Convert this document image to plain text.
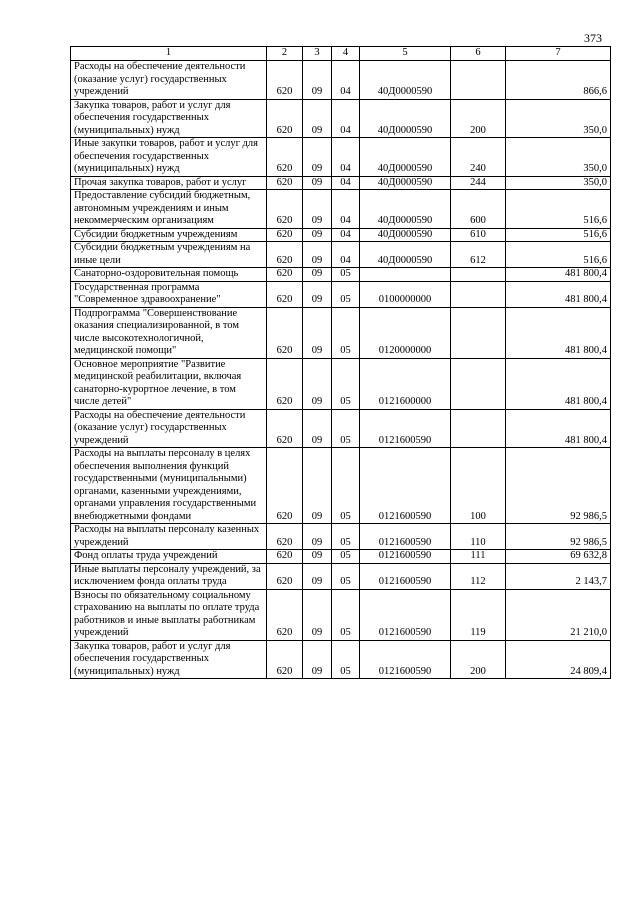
373
1	2	3	4	5	6	7
Расходы на обеспечение деятельности (оказание услуг) государственных учреждений	620	09	04	40Д0000590		866,6
Закупка товаров, работ и услуг для обеспечения государственных (муниципальных) нужд	620	09	04	40Д0000590	200	350,0
Иные закупки товаров, работ и услуг для обеспечения государственных (муниципальных) нужд	620	09	04	40Д0000590	240	350,0
Прочая закупка товаров, работ и услуг	620	09	04	40Д0000590	244	350,0
Предоставление субсидий бюджетным, автономным учреждениям и иным некоммерческим организациям	620	09	04	40Д0000590	600	516,6
Субсидии бюджетным учреждениям	620	09	04	40Д0000590	610	516,6
Субсидии бюджетным учреждениям на иные цели	620	09	04	40Д0000590	612	516,6
Санаторно-оздоровительная помощь	620	09	05			481 800,4
Государственная программа "Современное здравоохранение"	620	09	05	0100000000		481 800,4
Подпрограмма "Совершенствование оказания специализированной, в том числе высокотехнологичной, медицинской помощи"	620	09	05	0120000000		481 800,4
Основное мероприятие "Развитие медицинской реабилитации, включая санаторно-курортное лечение, в том числе детей"	620	09	05	0121600000		481 800,4
Расходы на обеспечение деятельности (оказание услуг) государственных учреждений	620	09	05	0121600590		481 800,4
Расходы на выплаты персоналу в целях обеспечения выполнения функций государственными (муниципальными) органами, казенными учреждениями, органами управления государственными внебюджетными фондами	620	09	05	0121600590	100	92 986,5
Расходы на выплаты персоналу казенных учреждений	620	09	05	0121600590	110	92 986,5
Фонд оплаты труда учреждений	620	09	05	0121600590	111	69 632,8
Иные выплаты персоналу учреждений, за исключением фонда оплаты труда	620	09	05	0121600590	112	2 143,7
Взносы по обязательному социальному страхованию на выплаты по оплате труда работников и иные выплаты работникам учреждений	620	09	05	0121600590	119	21 210,0
Закупка товаров, работ и услуг для обеспечения государственных (муниципальных) нужд	620	09	05	0121600590	200	24 809,4
